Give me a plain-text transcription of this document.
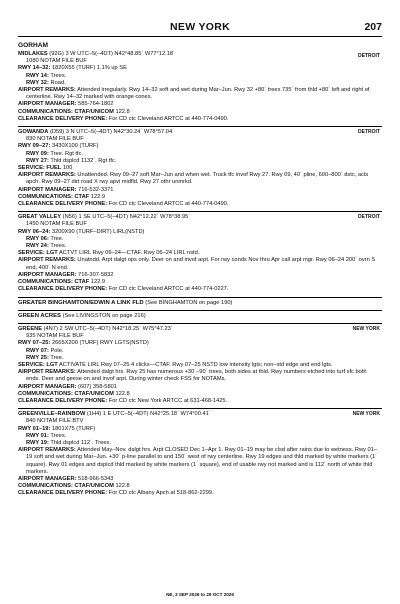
NEW YORK	207
GORHAM
DETROIT
MIDLAKES (92G) 3 W UTC–5(–4DT) N42°48.85´ W77°12.18´
1080 NOTAM FILE BUF
RWY 14–32: 1820X55 (TURF) 1.1% up SE
RWY 14: Trees.
RWY 32: Road.
AIRPORT REMARKS: Attended irregularly. Rwy 14–32 soft and wet during Mar–Jun. Rwy 32 +80´ trees 735´ from thld +80´ left and right of centerline. Rwy 14–32 marked with orange cones.
AIRPORT MANAGER: 585-764-1802
COMMUNICATIONS: CTAF/UNICOM 122.8
CLEARANCE DELIVERY PHONE: For CD ctc Cleveland ARTCC at 440-774-0490.
DETROIT
GOWANDA (D59) 3 N UTC–5(–4DT) N42°30.24´ W78°57.04´
830 NOTAM FILE BUF
RWY 09–27: 3430X100 (TURF)
RWY 09: Tree. Rgt tfc.
RWY 27: Thld dsplcd 1132´. Rgt tfc.
SERVICE: FUEL 100
AIRPORT REMARKS: Unattended. Rwy 09–27 soft Mar–Jun and when wet. Truck tfc invof Rwy 27. Rwy 09, 40´ pline, 600–800´ dstc, acts apch. Rwy 09–27 dirt road X rwy apvi midfld. Rwy 27 othr unmrkd.
AIRPORT MANAGER: 716-532-3371
COMMUNICATIONS: CTAF 122.9
CLEARANCE DELIVERY PHONE: For CD ctc Cleveland ARTCC at 440-774-0490.
DETROIT
GREAT VALLEY (N56) 1 SE UTC–5(–4DT) N42°12.22´ W78°38.95´
1450 NOTAM FILE BUF
RWY 06–24: 3200X90 (TURF–DIRT) LIRL(NSTD)
RWY 06: Tree.
RWY 24: Trees.
SERVICE: LGT ACTVT LIRL Rwy 06–24—CTAF. Rwy 06–24 LIRL nstd.
AIRPORT REMARKS: Unatndd. Arpt dalgt ops only. Deer on and invof arpt. For rwy conds Nov thru Apr call arpt mgr. Rwy 06–24 200´ ovrn S end, 400´ N end.
AIRPORT MANAGER: 716-307-5832
COMMUNICATIONS: CTAF 122.9
CLEARANCE DELIVERY PHONE: For CD ctc Cleveland ARTCC at 440-774-0227.
GREATER BINGHAMTON/EDWIN A LINK FLD (See BINGHAMTON on page 190)
GREEN ACRES (See LIVINGSTON on page 216)
NEW YORK
GREENE (4N7) 2 SW UTC–5(–4DT) N42°18.25´ W75°47.23´
935 NOTAM FILE BUF
RWY 07–25: 2665X200 (TURF) RWY LGTS(NSTD)
RWY 07: Pole.
RWY 25: Tree.
SERVICE: LGT ACTIVATE LIRL Rwy 07–25 4 clicks—CTAF. Rwy 07–25 NSTD low intensity lgts; non–std edge and end lgts.
AIRPORT REMARKS: Attended dalgt hrs. Rwy 25 has numerous +30´–90´ trees, both sides at thld. Rwy numbers etched into turf sfc both ends. Deer and geese on and invof arpt. During winter check FSS for NOTAMs.
AIRPORT MANAGER: (607) 358-5801
COMMUNICATIONS: CTAF/UNICOM 122.8
CLEARANCE DELIVERY PHONE: For CD ctc New York ARTCC at 631-468-1425.
NEW YORK
GREENVILLE–RAINBOW (1H4) 1 E UTC–5(–4DT) N42°25.18´ W74°00.41´
840 NOTAM FILE BTV
RWY 01–19: 1801X75 (TURF)
RWY 01: Trees.
RWY 19: Thld dsplcd 112´. Trees.
AIRPORT REMARKS: Attended May–Nov. dalgt hrs. Arpt CLOSED Dec 1–Apr 1. Rwy 01–19 may be clsd after rains due to wetness. Rwy 01–19 soft and wet during Mar–Jun. +30´ p-line parallel to and 150´ west of rwy centerline. Rwy 19 edges and thld marked by white markers (1´ square). Rwy 01 edges and dsplcd thld marked by white markers (1´ square), end of usable rwy not marked and is 112´ north of white thld markers.
AIRPORT MANAGER: 518-966-5343
COMMUNICATIONS: CTAF/UNICOM 122.8
CLEARANCE DELIVERY PHONE: For CD ctc Albany Apch at 518-862-2299.
NE, 3 SEP 2026 to 29 OCT 2026
